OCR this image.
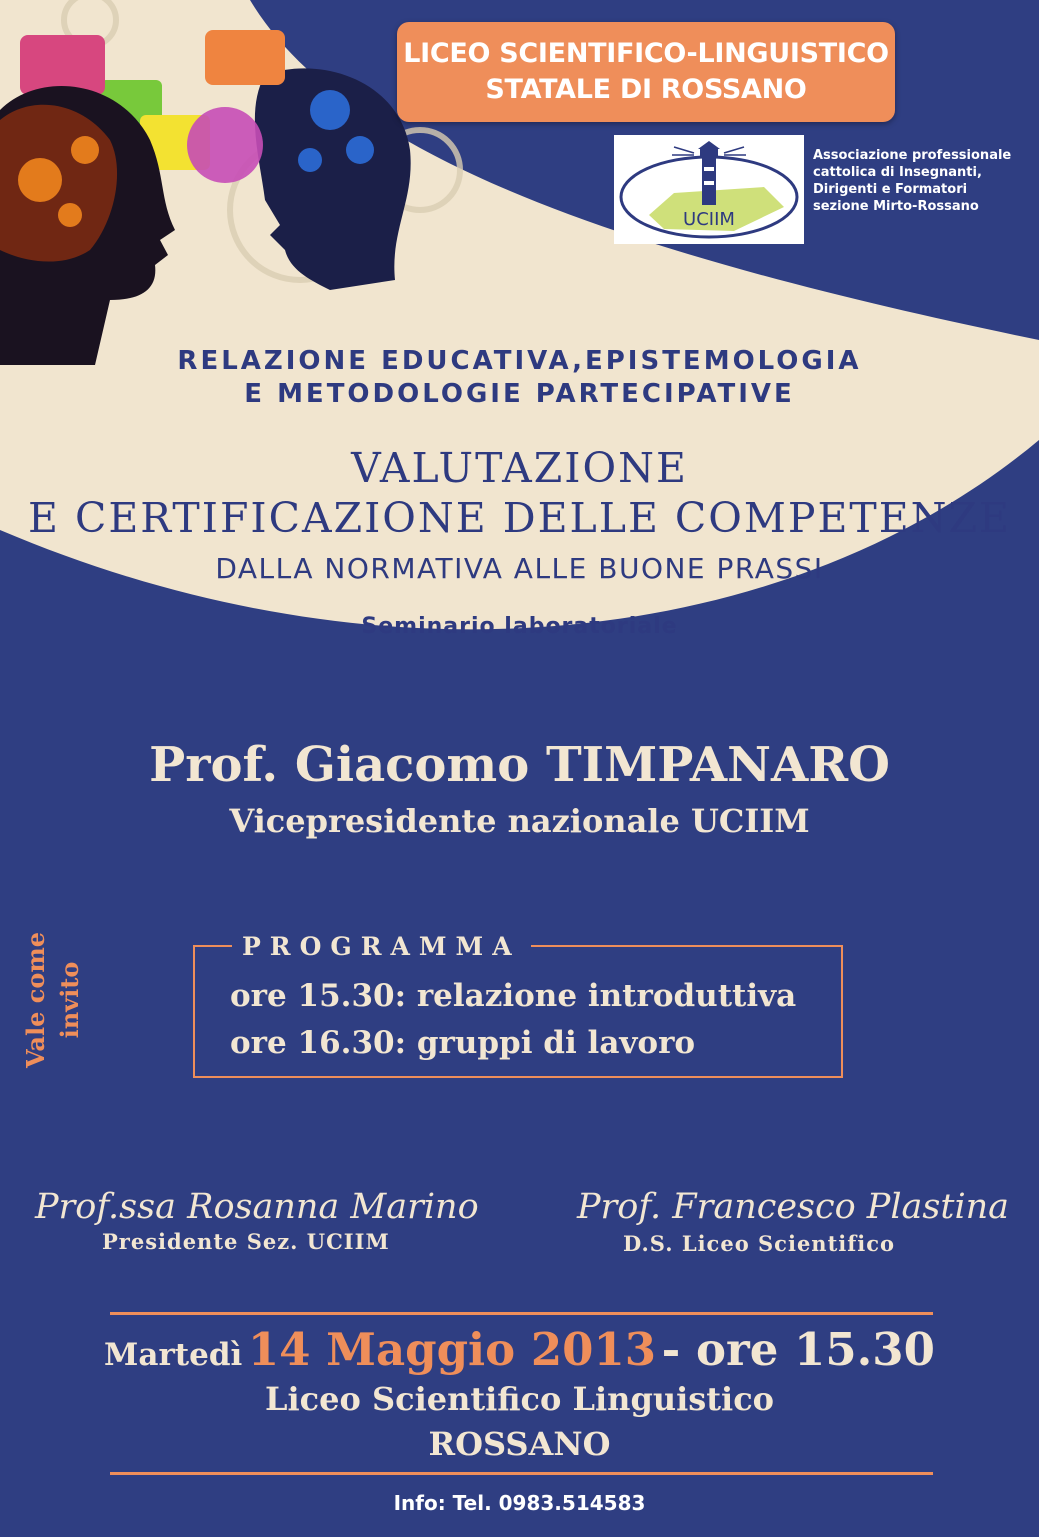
LICEO SCIENTIFICO-LINGUISTICO
STATALE DI ROSSANO
UCIIM
Associazione professionale
cattolica di Insegnanti,
Dirigenti e Formatori
sezione Mirto-Rossano
RELAZIONE EDUCATIVA,EPISTEMOLOGIA
E METODOLOGIE PARTECIPATIVE
VALUTAZIONE
E CERTIFICAZIONE DELLE COMPETENZE
DALLA NORMATIVA ALLE BUONE PRASSI
Seminario laboratoriale
Prof. Giacomo TIMPANARO
Vicepresidente nazionale UCIIM
Vale come invito
PROGRAMMA
ore 15.30: relazione introduttiva
ore 16.30: gruppi di lavoro
Prof.ssa Rosanna Marino
Presidente Sez. UCIIM
Prof. Francesco Plastina
D.S. Liceo Scientifico
Martedì 14 Maggio 2013 - ore 15.30
Liceo Scientifico Linguistico
ROSSANO
Info: Tel. 0983.514583
